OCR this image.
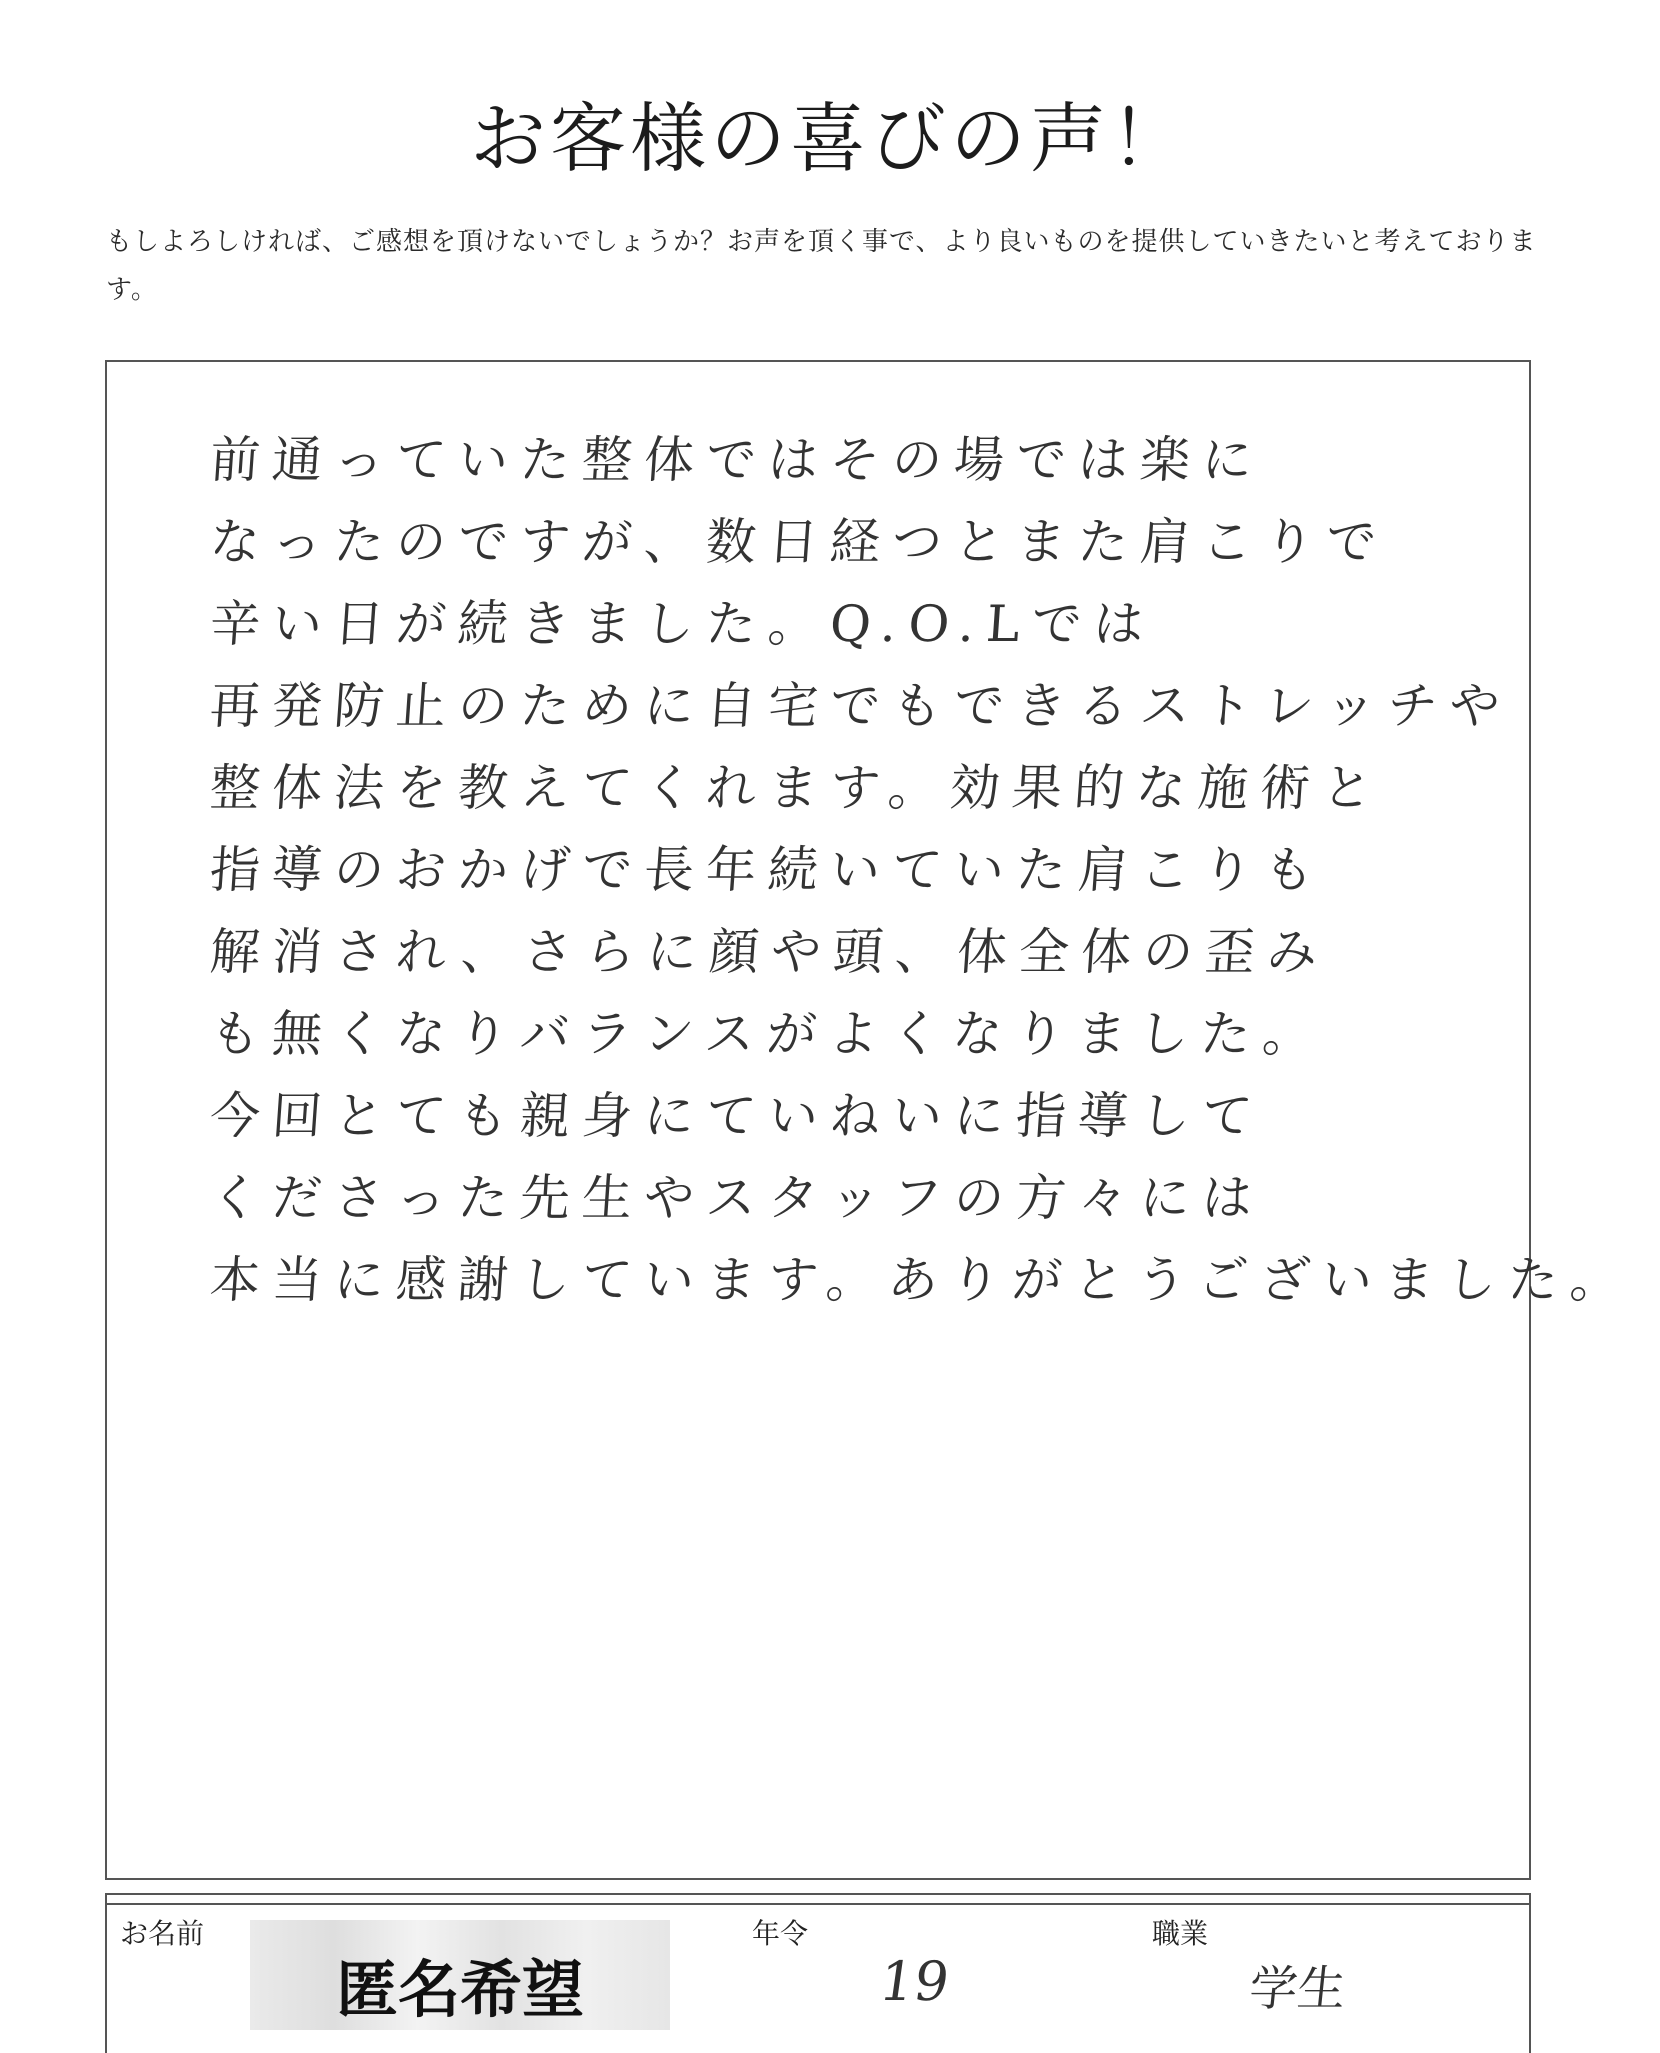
お客様の喜びの声！
もしよろしければ、ご感想を頂けないでしょうか？お声を頂く事で、より良いものを提供していきたいと考えております。
前通っていた整体ではその場では楽に
なったのですが、数日経つとまた肩こりで
辛い日が続きました。Q.O.Lでは
再発防止のために自宅でもできるストレッチや
整体法を教えてくれます。効果的な施術と
指導のおかげで長年続いていた肩こりも
解消され、さらに顔や頭、体全体の歪み
も無くなりバランスがよくなりました。
今回とても親身にていねいに指導して
くださった先生やスタッフの方々には
本当に感謝しています。ありがとうございました。
お名前
匿名希望
年令
19
職業
学生
